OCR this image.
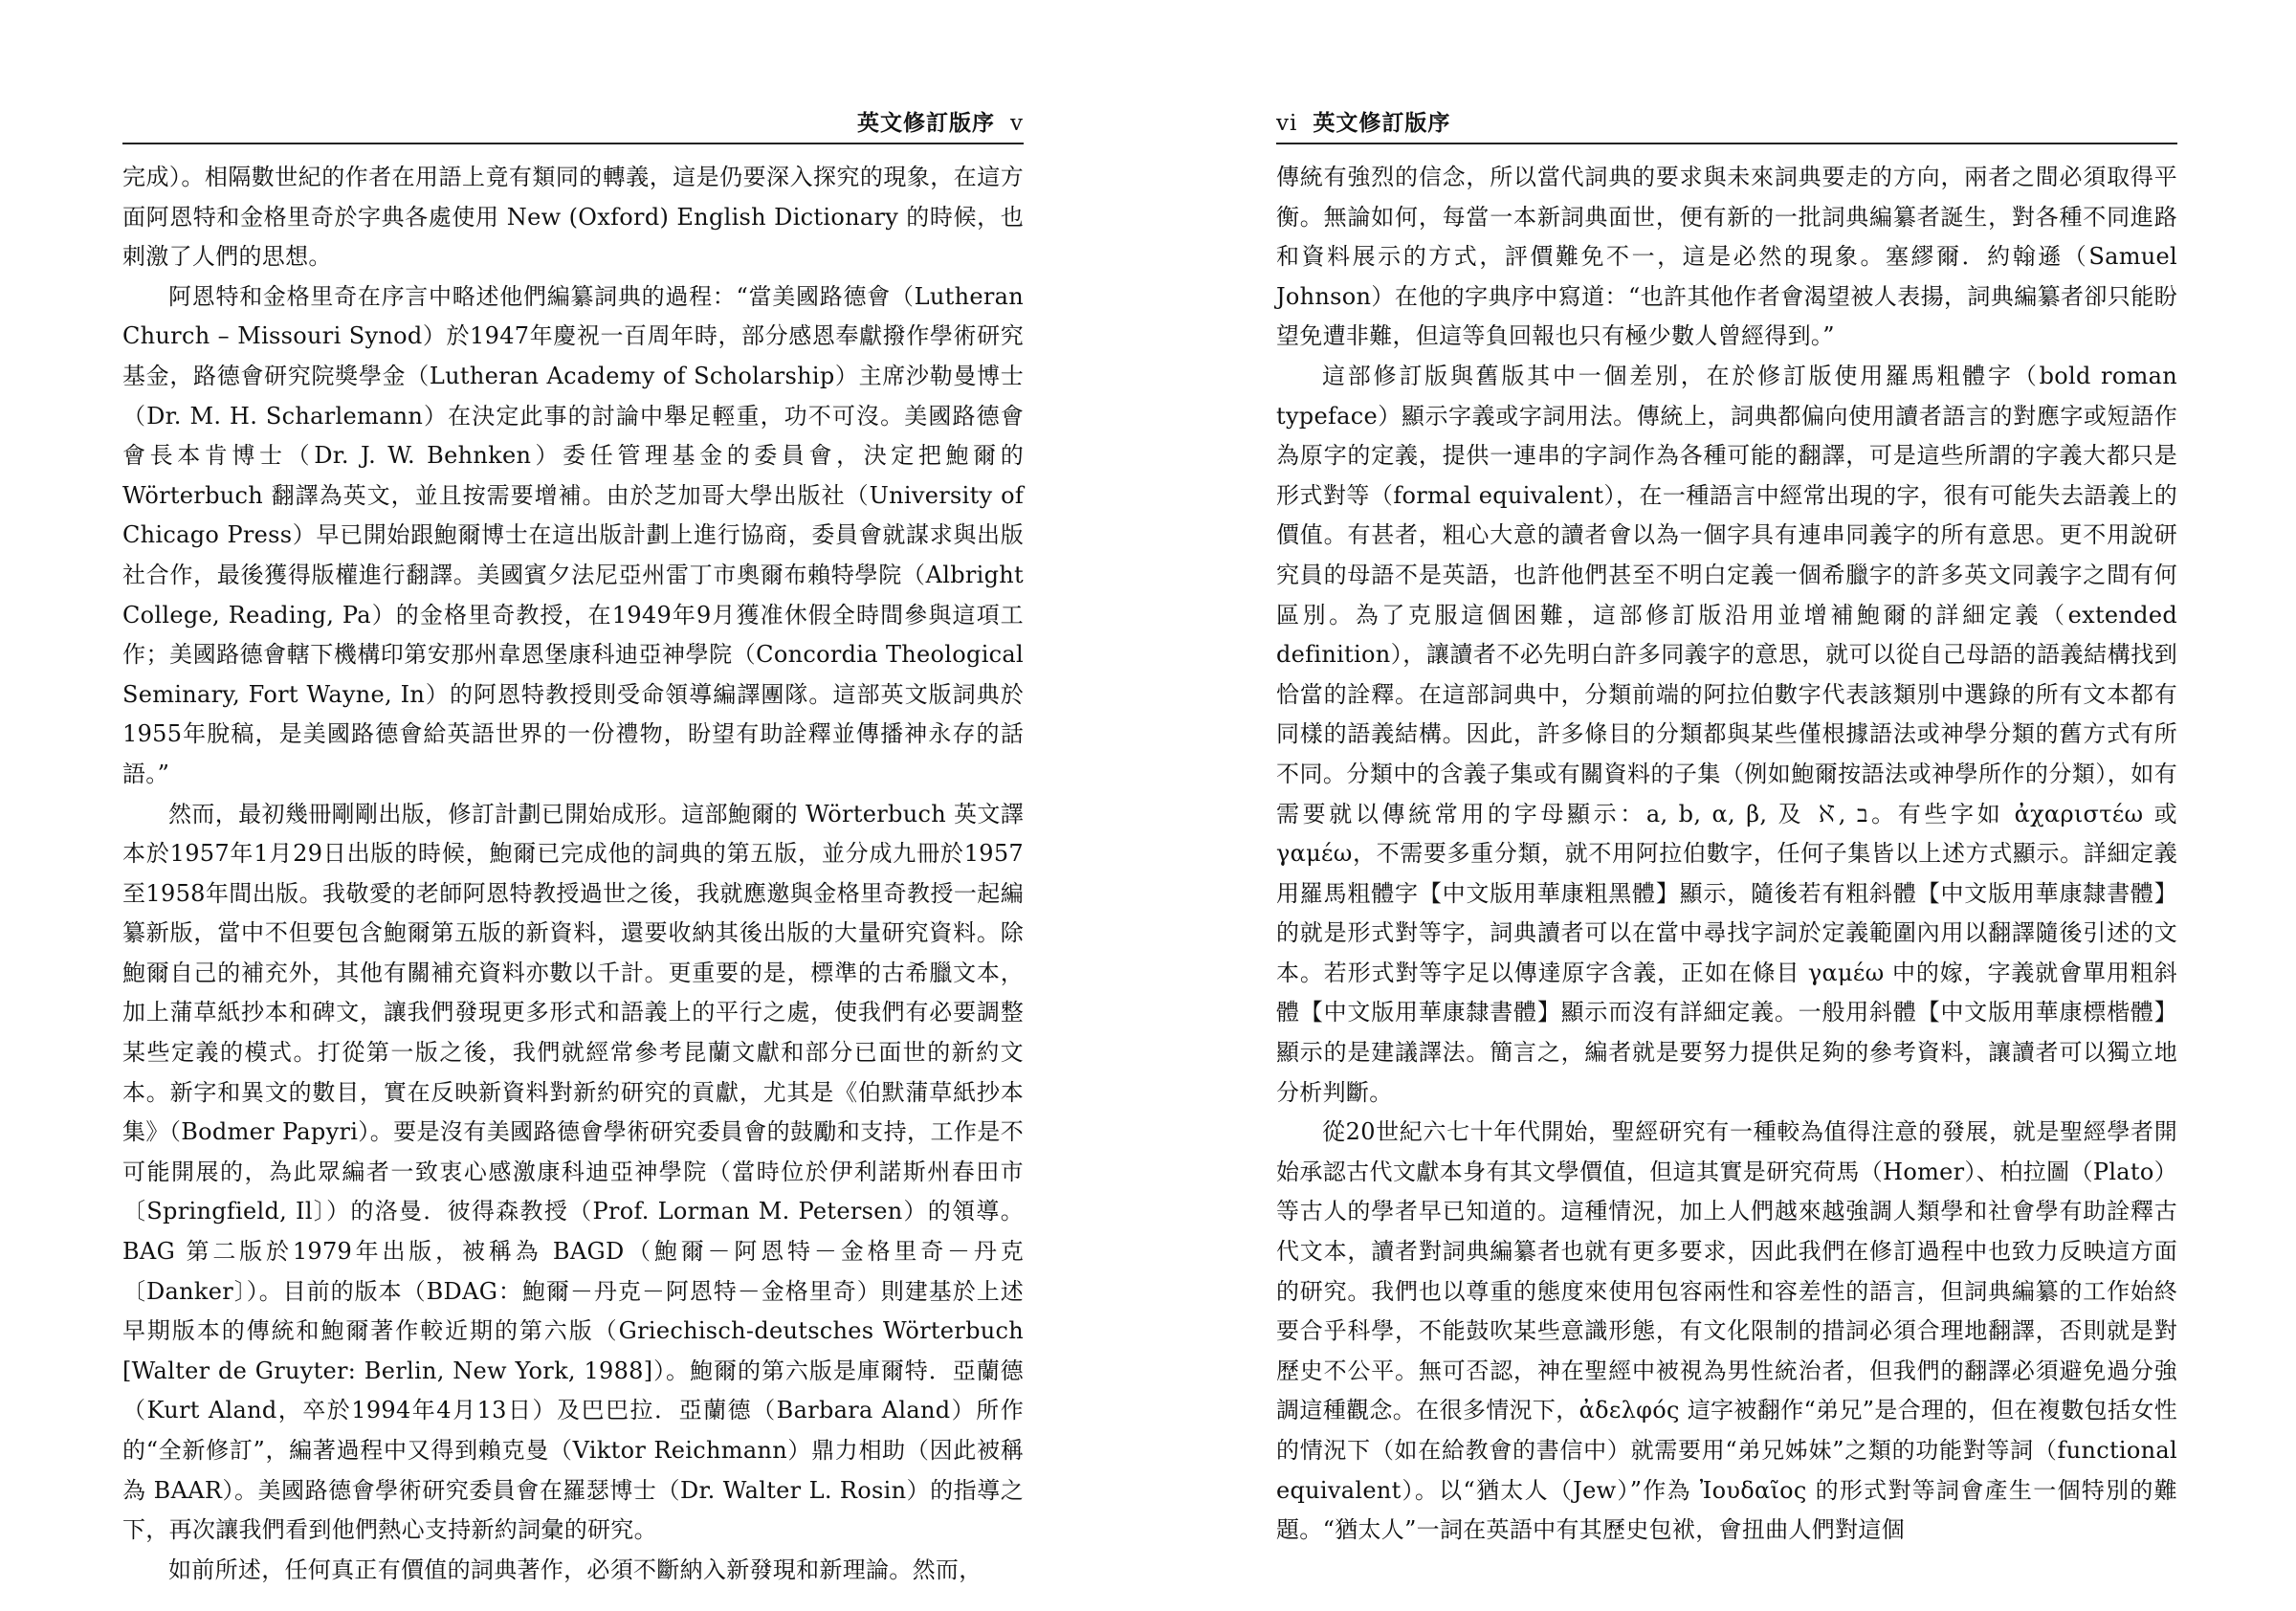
英文修訂版序 v

完成）。相隔數世紀的作者在用語上竟有類同的轉義，這是仍要深入探究的現象，在這方面阿恩特和金格里奇於字典各處使用 New (Oxford) English Dictionary 的時候，也刺激了人們的思想。

阿恩特和金格里奇在序言中略述他們編纂詞典的過程：“當美國路德會（Lutheran Church – Missouri Synod）於1947年慶祝一百周年時，部分感恩奉獻撥作學術研究基金，路德會研究院獎學金（Lutheran Academy of Scholarship）主席沙勒曼博士（Dr. M. H. Scharlemann）在決定此事的討論中舉足輕重，功不可沒。美國路德會會長本肯博士（Dr. J. W. Behnken）委任管理基金的委員會，決定把鮑爾的 Wörterbuch 翻譯為英文，並且按需要增補。由於芝加哥大學出版社（University of Chicago Press）早已開始跟鮑爾博士在這出版計劃上進行協商，委員會就謀求與出版社合作，最後獲得版權進行翻譯。美國賓夕法尼亞州雷丁市奧爾布賴特學院（Albright College, Reading, Pa）的金格里奇教授，在1949年9月獲准休假全時間參與這項工作；美國路德會轄下機構印第安那州韋恩堡康科迪亞神學院（Concordia Theological Seminary, Fort Wayne, In）的阿恩特教授則受命領導編譯團隊。這部英文版詞典於1955年脫稿，是美國路德會給英語世界的一份禮物，盼望有助詮釋並傳播神永存的話語。”

然而，最初幾冊剛剛出版，修訂計劃已開始成形。這部鮑爾的 Wörterbuch 英文譯本於1957年1月29日出版的時候，鮑爾已完成他的詞典的第五版，並分成九冊於1957至1958年間出版。我敬愛的老師阿恩特教授過世之後，我就應邀與金格里奇教授一起編纂新版，當中不但要包含鮑爾第五版的新資料，還要收納其後出版的大量研究資料。除鮑爾自己的補充外，其他有關補充資料亦數以千計。更重要的是，標準的古希臘文本，加上蒲草紙抄本和碑文，讓我們發現更多形式和語義上的平行之處，使我們有必要調整某些定義的模式。打從第一版之後，我們就經常參考昆蘭文獻和部分已面世的新約文本。新字和異文的數目，實在反映新資料對新約研究的貢獻，尤其是《伯默蒲草紙抄本集》（Bodmer Papyri）。要是沒有美國路德會學術研究委員會的鼓勵和支持，工作是不可能開展的，為此眾編者一致衷心感激康科迪亞神學院（當時位於伊利諾斯州春田市〔Springfield, Il〕）的洛曼．彼得森教授（Prof. Lorman M. Petersen）的領導。BAG 第二版於1979年出版，被稱為 BAGD（鮑爾－阿恩特－金格里奇－丹克〔Danker〕）。目前的版本（BDAG：鮑爾－丹克－阿恩特－金格里奇）則建基於上述早期版本的傳統和鮑爾著作較近期的第六版（Griechisch-deutsches Wörterbuch [Walter de Gruyter: Berlin, New York, 1988]）。鮑爾的第六版是庫爾特．亞蘭德（Kurt Aland，卒於1994年4月13日）及巴巴拉．亞蘭德（Barbara Aland）所作的“全新修訂”，編著過程中又得到賴克曼（Viktor Reichmann）鼎力相助（因此被稱為 BAAR）。美國路德會學術研究委員會在羅瑟博士（Dr. Walter L. Rosin）的指導之下，再次讓我們看到他們熱心支持新約詞彙的研究。

如前所述，任何真正有價值的詞典著作，必須不斷納入新發現和新理論。然而，

vi 英文修訂版序

傳統有強烈的信念，所以當代詞典的要求與未來詞典要走的方向，兩者之間必須取得平衡。無論如何，每當一本新詞典面世，便有新的一批詞典編纂者誕生，對各種不同進路和資料展示的方式，評價難免不一，這是必然的現象。塞繆爾．約翰遜（Samuel Johnson）在他的字典序中寫道：“也許其他作者會渴望被人表揚，詞典編纂者卻只能盼望免遭非難，但這等負回報也只有極少數人曾經得到。”

這部修訂版與舊版其中一個差別，在於修訂版使用羅馬粗體字（bold roman typeface）顯示字義或字詞用法。傳統上，詞典都偏向使用讀者語言的對應字或短語作為原字的定義，提供一連串的字詞作為各種可能的翻譯，可是這些所謂的字義大都只是形式對等（formal equivalent），在一種語言中經常出現的字，很有可能失去語義上的價值。有甚者，粗心大意的讀者會以為一個字具有連串同義字的所有意思。更不用說研究員的母語不是英語，也許他們甚至不明白定義一個希臘字的許多英文同義字之間有何區別。為了克服這個困難，這部修訂版沿用並增補鮑爾的詳細定義（extended definition），讓讀者不必先明白許多同義字的意思，就可以從自己母語的語義結構找到恰當的詮釋。在這部詞典中，分類前端的阿拉伯數字代表該類別中選錄的所有文本都有同樣的語義結構。因此，許多條目的分類都與某些僅根據語法或神學分類的舊方式有所不同。分類中的含義子集或有關資料的子集（例如鮑爾按語法或神學所作的分類），如有需要就以傳統常用的字母顯示：a, b, α, β, 及 ℵ, ב。有些字如 ἀχαριστέω 或 γαμέω，不需要多重分類，就不用阿拉伯數字，任何子集皆以上述方式顯示。詳細定義用羅馬粗體字【中文版用華康粗黑體】顯示，隨後若有粗斜體【中文版用華康隸書體】的就是形式對等字，詞典讀者可以在當中尋找字詞於定義範圍內用以翻譯隨後引述的文本。若形式對等字足以傳達原字含義，正如在條目 γαμέω 中的嫁，字義就會單用粗斜體【中文版用華康隸書體】顯示而沒有詳細定義。一般用斜體【中文版用華康標楷體】顯示的是建議譯法。簡言之，編者就是要努力提供足夠的參考資料，讓讀者可以獨立地分析判斷。

從20世紀六七十年代開始，聖經研究有一種較為值得注意的發展，就是聖經學者開始承認古代文獻本身有其文學價值，但這其實是研究荷馬（Homer）、柏拉圖（Plato）等古人的學者早已知道的。這種情況，加上人們越來越強調人類學和社會學有助詮釋古代文本，讀者對詞典編纂者也就有更多要求，因此我們在修訂過程中也致力反映這方面的研究。我們也以尊重的態度來使用包容兩性和容差性的語言，但詞典編纂的工作始終要合乎科學，不能鼓吹某些意識形態，有文化限制的措詞必須合理地翻譯，否則就是對歷史不公平。無可否認，神在聖經中被視為男性統治者，但我們的翻譯必須避免過分強調這種觀念。在很多情況下，ἀδελφός 這字被翻作“弟兄”是合理的，但在複數包括女性的情況下（如在給教會的書信中）就需要用“弟兄姊妹”之類的功能對等詞（functional equivalent）。以“猶太人（Jew）”作為 Ἰουδαῖος 的形式對等詞會產生一個特別的難題。“猶太人”一詞在英語中有其歷史包袱，會扭曲人們對這個
